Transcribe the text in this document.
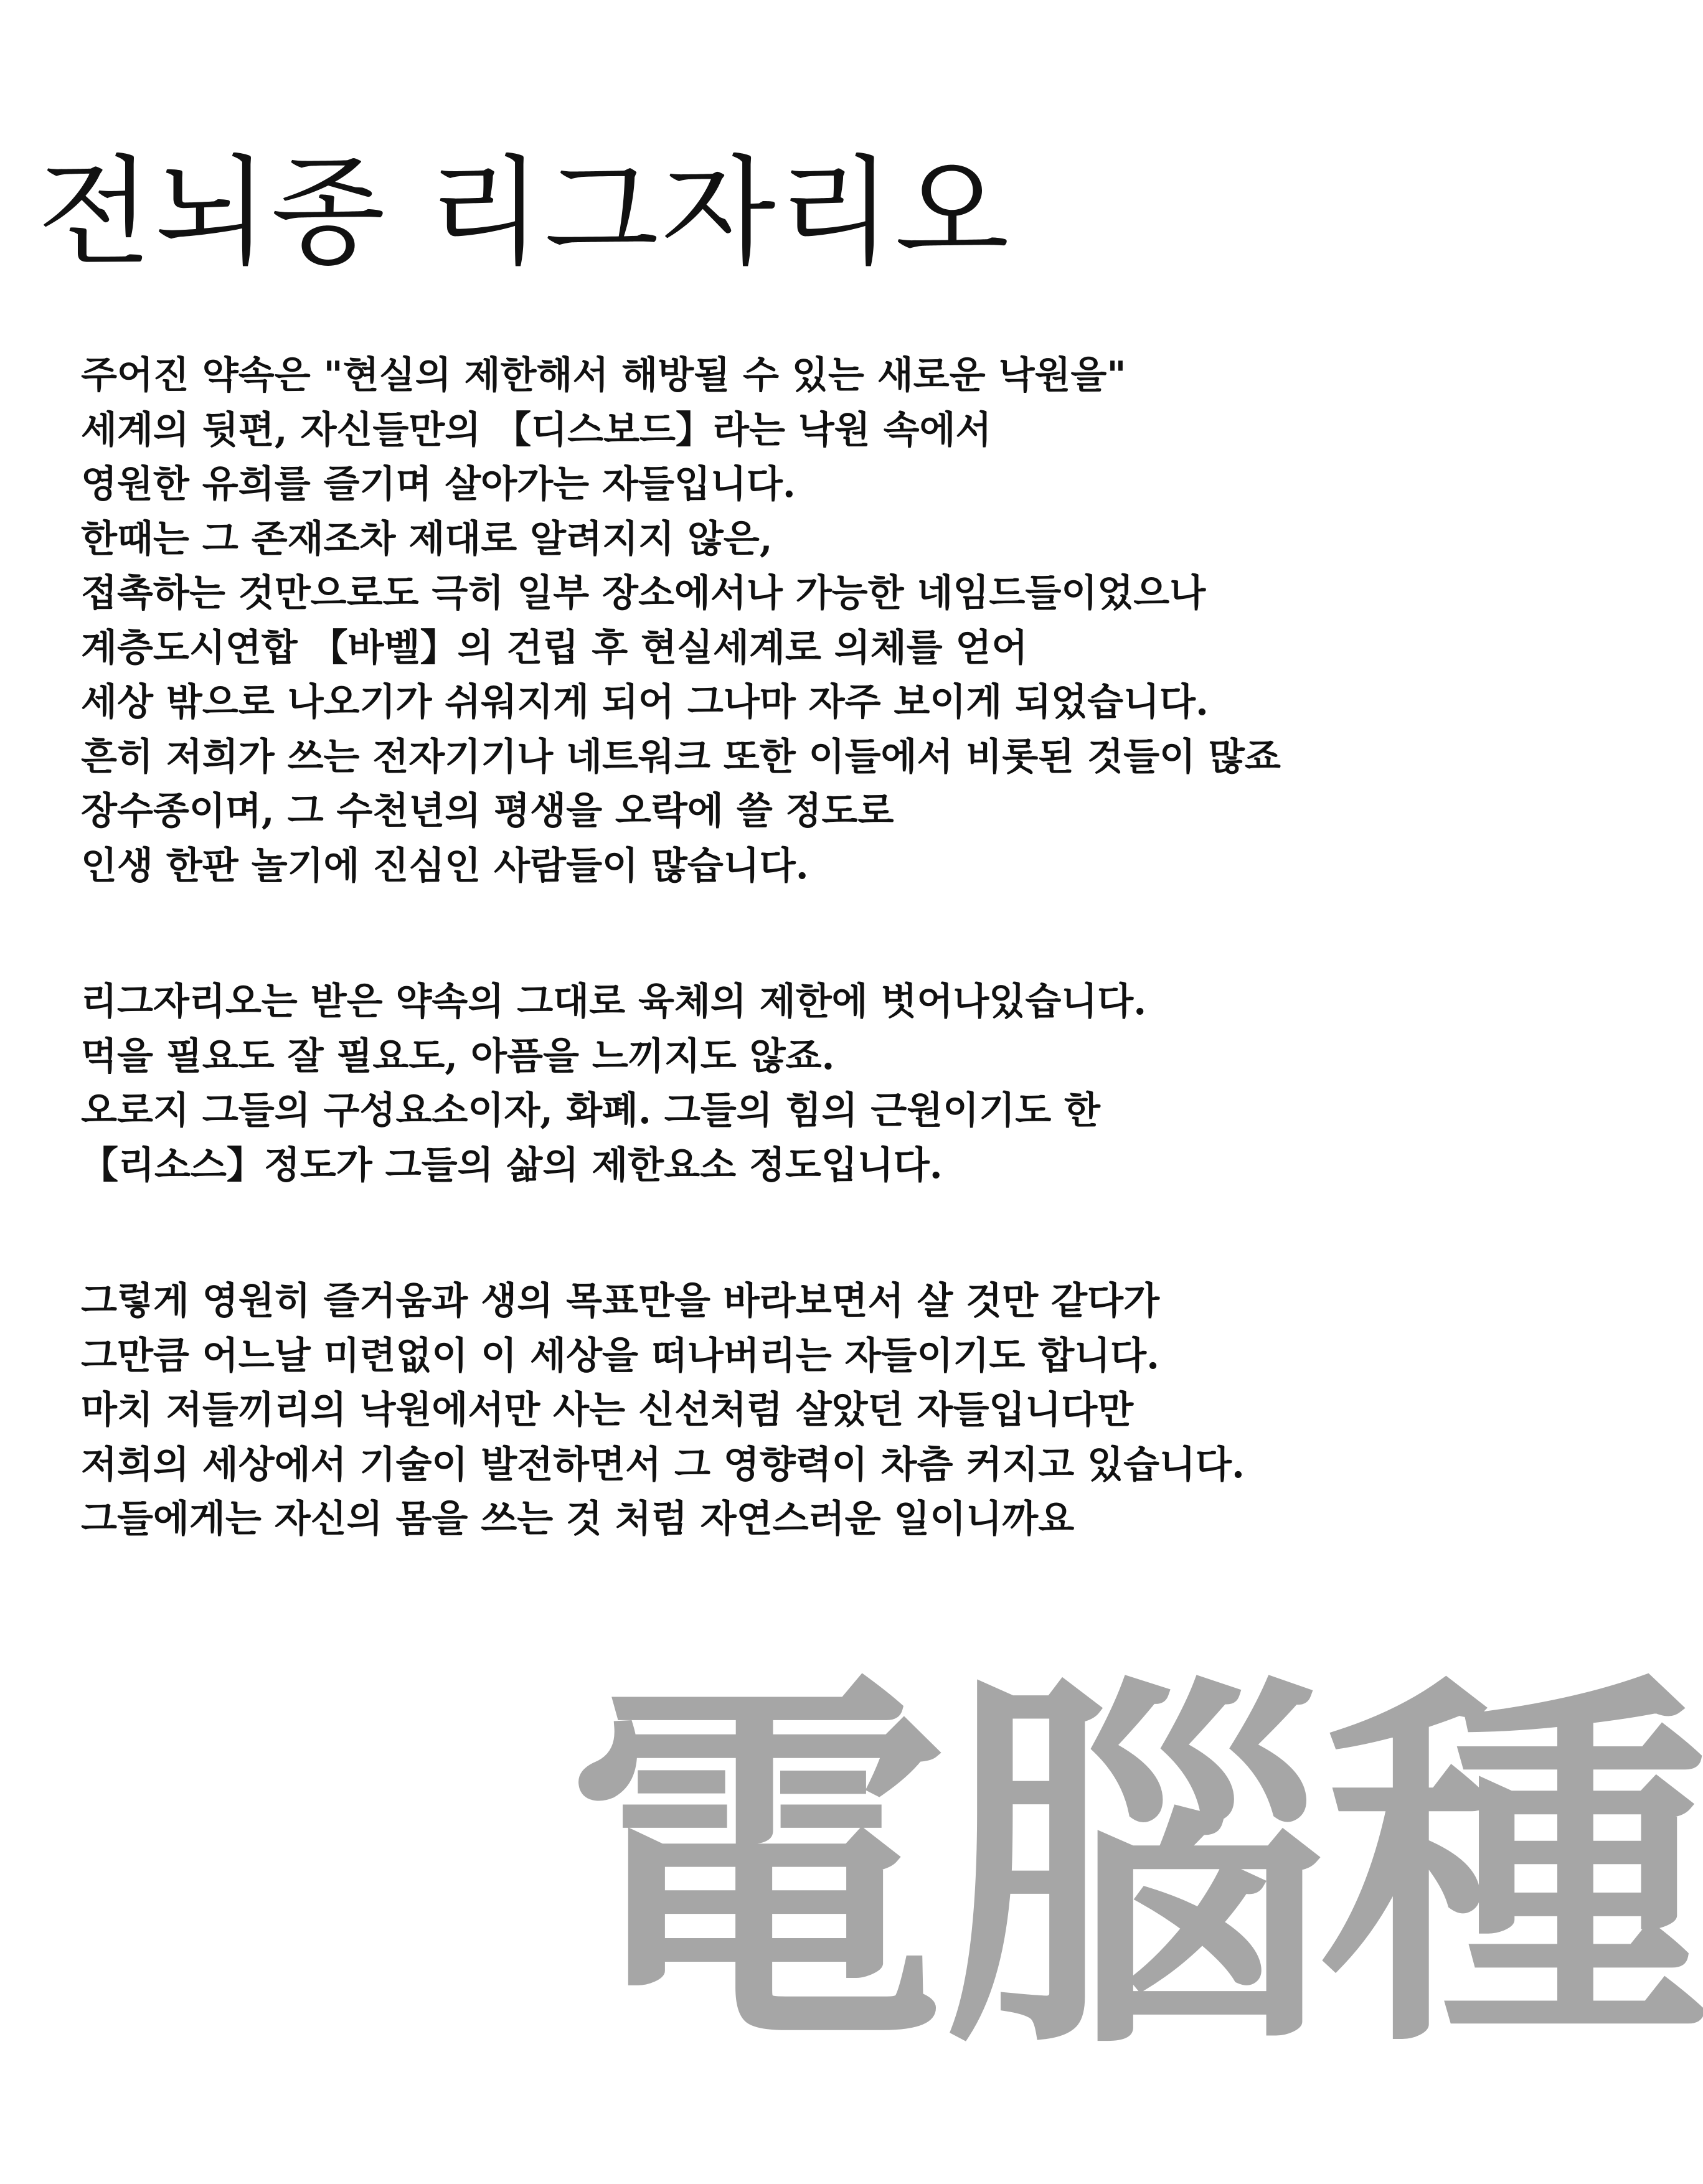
전뇌종 리그자리오
주어진 약속은 "현실의 제한해서 해방될 수 있는 새로운 낙원을"
세계의 뒷편, 자신들만의 【디스보드】라는 낙원 속에서
영원한 유희를 즐기며 살아가는 자들입니다.
한때는 그 존재조차 제대로 알려지지 않은,
접촉하는 것만으로도 극히 일부 장소에서나 가능한 네임드들이었으나
계층도시연합 【바벨】의 건립 후 현실세계로 의체를 얻어
세상 밖으로 나오기가 쉬워지게 되어 그나마 자주 보이게 되었습니다.
흔히 저희가 쓰는 전자기기나 네트워크 또한 이들에서 비롯된 것들이 많죠
장수종이며, 그 수천년의 평생을 오락에 쓸 정도로
인생 한판 놀기에 진심인 사람들이 많습니다.
리그자리오는 받은 약속의 그대로 육체의 제한에 벗어나있습니다.
먹을 필요도 잘 필요도, 아픔을 느끼지도 않죠.
오로지 그들의 구성요소이자, 화폐. 그들의 힘의 근원이기도 한
【리소스】정도가 그들의 삶의 제한요소 정도입니다.
그렇게 영원히 즐거움과 생의 목표만을 바라보면서 살 것만 같다가
그만큼 어느날 미련없이 이 세상을 떠나버리는 자들이기도 합니다.
마치 저들끼리의 낙원에서만 사는 신선처럼 살았던 자들입니다만
저희의 세상에서 기술이 발전하면서 그 영향력이 차츰 커지고 있습니다.
그들에게는 자신의 몸을 쓰는 것 처럼 자연스러운 일이니까요
電腦種
